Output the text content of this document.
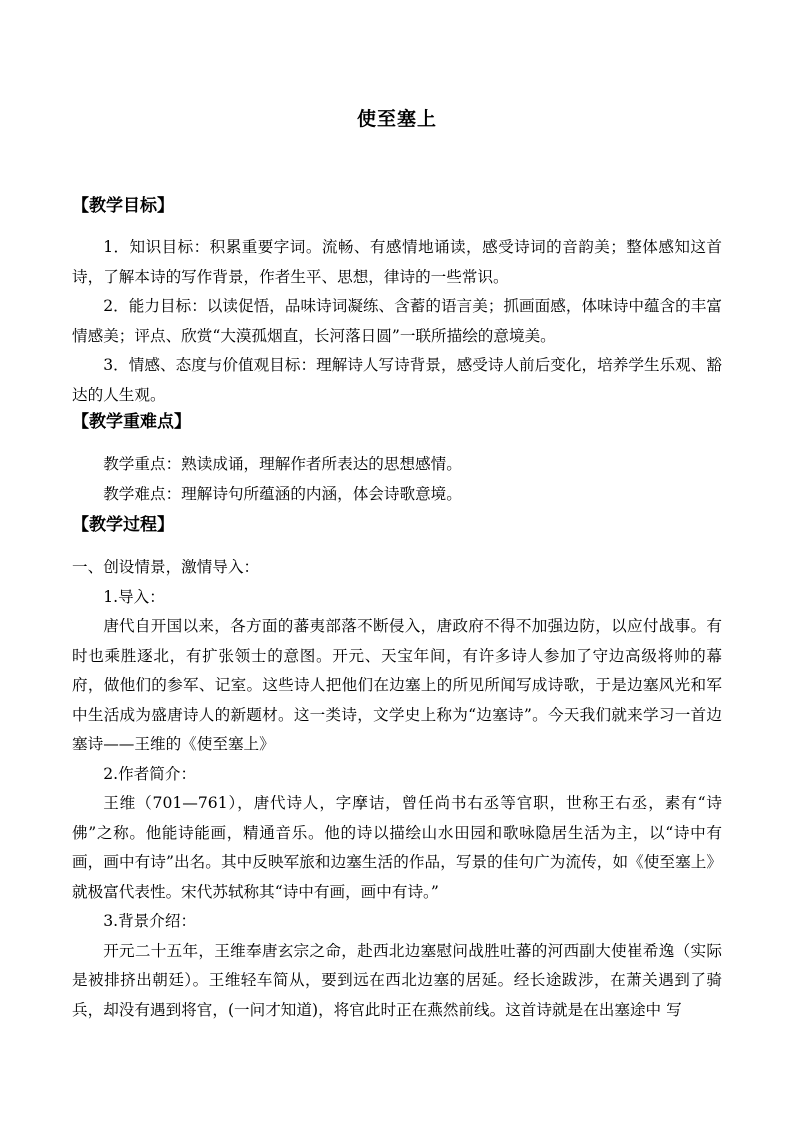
使至塞上
【教学目标】

1．知识目标：积累重要字词。流畅、有感情地诵读，感受诗词的音韵美；整体感知这首诗，了解本诗的写作背景，作者生平、思想，律诗的一些常识。

2．能力目标：以读促悟，品味诗词凝练、含蓄的语言美；抓画面感，体味诗中蕴含的丰富情感美；评点、欣赏“大漠孤烟直，长河落日圆”一联所描绘的意境美。

3．情感、态度与价值观目标：理解诗人写诗背景，感受诗人前后变化，培养学生乐观、豁达的人生观。

【教学重难点】

教学重点：熟读成诵，理解作者所表达的思想感情。

教学难点：理解诗句所蕴涵的内涵，体会诗歌意境。

【教学过程】

一、创设情景，激情导入：

1.导入：

唐代自开国以来，各方面的蕃夷部落不断侵入，唐政府不得不加强边防，以应付战事。有时也乘胜逐北，有扩张领士的意图。开元、天宝年间，有许多诗人参加了守边高级将帅的幕府，做他们的参军、记室。这些诗人把他们在边塞上的所见所闻写成诗歌，于是边塞风光和军中生活成为盛唐诗人的新题材。这一类诗，文学史上称为“边塞诗”。今天我们就来学习一首边塞诗——王维的《使至塞上》

2.作者简介：

王维（701—761），唐代诗人，字摩诘，曾任尚书右丞等官职，世称王右丞，素有“诗佛”之称。他能诗能画，精通音乐。他的诗以描绘山水田园和歌咏隐居生活为主，以“诗中有画，画中有诗”出名。其中反映军旅和边塞生活的作品，写景的佳句广为流传，如《使至塞上》就极富代表性。宋代苏轼称其“诗中有画，画中有诗。”

3.背景介绍：

开元二十五年，王维奉唐玄宗之命，赴西北边塞慰问战胜吐蕃的河西副大使崔希逸（实际是被排挤出朝廷）。王维轻车简从，要到远在西北边塞的居延。经长途跋涉，在萧关遇到了骑兵，却没有遇到将官，(一问才知道)，将官此时正在燕然前线。这首诗就是在出塞途中 写
